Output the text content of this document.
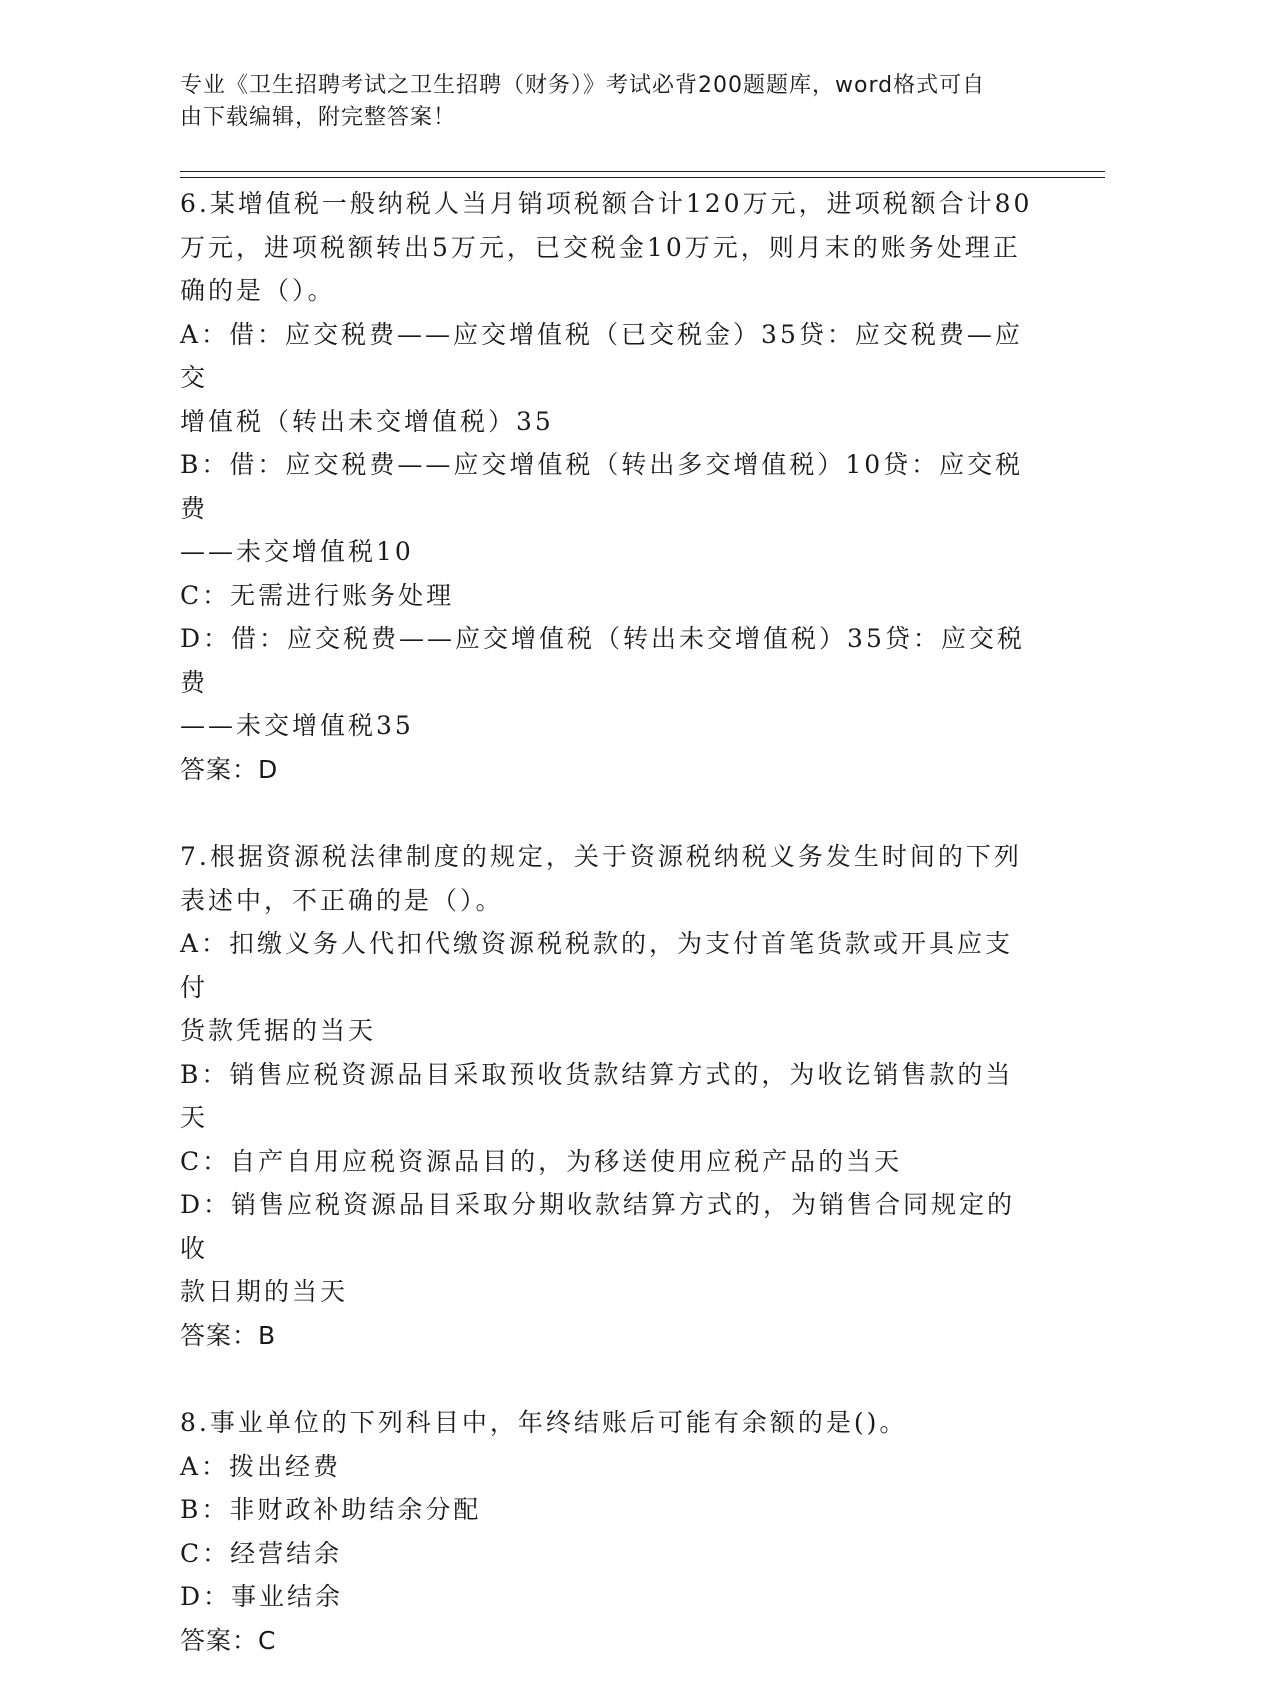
专业《卫生招聘考试之卫生招聘（财务）》考试必背200题题库，word格式可自
由下载编辑，附完整答案！
6.某增值税一般纳税人当月销项税额合计120万元，进项税额合计80
万元，进项税额转出5万元，已交税金10万元，则月末的账务处理正
确的是（）。
A：借：应交税费——应交增值税（已交税金）35贷：应交税费—应交
增值税（转出未交增值税）35
B：借：应交税费——应交增值税（转出多交增值税）10贷：应交税费
——未交增值税10
C：无需进行账务处理
D：借：应交税费——应交增值税（转出未交增值税）35贷：应交税费
——未交增值税35
答案：D
7.根据资源税法律制度的规定，关于资源税纳税义务发生时间的下列
表述中，不正确的是（）。
A：扣缴义务人代扣代缴资源税税款的，为支付首笔货款或开具应支付
货款凭据的当天
B：销售应税资源品目采取预收货款结算方式的，为收讫销售款的当天
C：自产自用应税资源品目的，为移送使用应税产品的当天
D：销售应税资源品目采取分期收款结算方式的，为销售合同规定的收
款日期的当天
答案：B
8.事业单位的下列科目中，年终结账后可能有余额的是()。
A：拨出经费
B：非财政补助结余分配
C：经营结余
D：事业结余
答案：C
